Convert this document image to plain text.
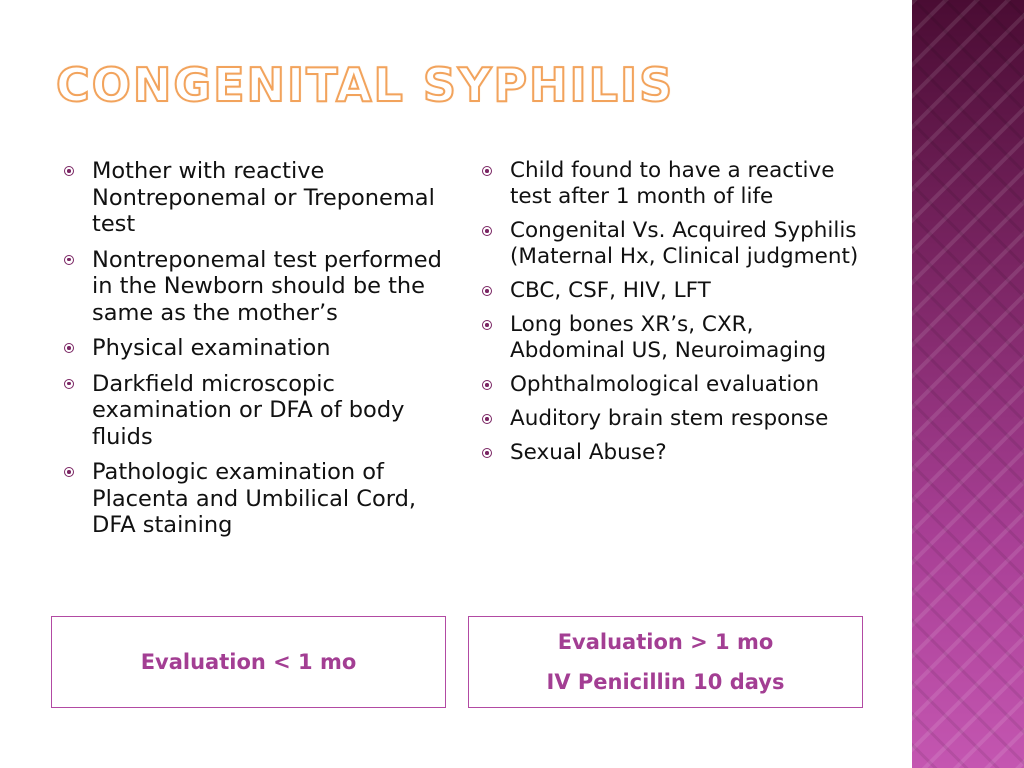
CONGENITAL SYPHILIS
Mother with reactive Nontreponemal or Treponemal test
Nontreponemal test performed in the Newborn should be the same as the mother’s
Physical examination
Darkfield microscopic examination or DFA of body fluids
Pathologic examination of Placenta and Umbilical Cord, DFA staining
Child found to have a reactive test after 1 month of life
Congenital Vs. Acquired Syphilis (Maternal Hx, Clinical judgment)
CBC, CSF, HIV, LFT
Long bones XR’s, CXR, Abdominal US, Neuroimaging
Ophthalmological evaluation
Auditory brain stem response
Sexual Abuse?
Evaluation < 1 mo
Evaluation > 1 mo
IV Penicillin 10 days
